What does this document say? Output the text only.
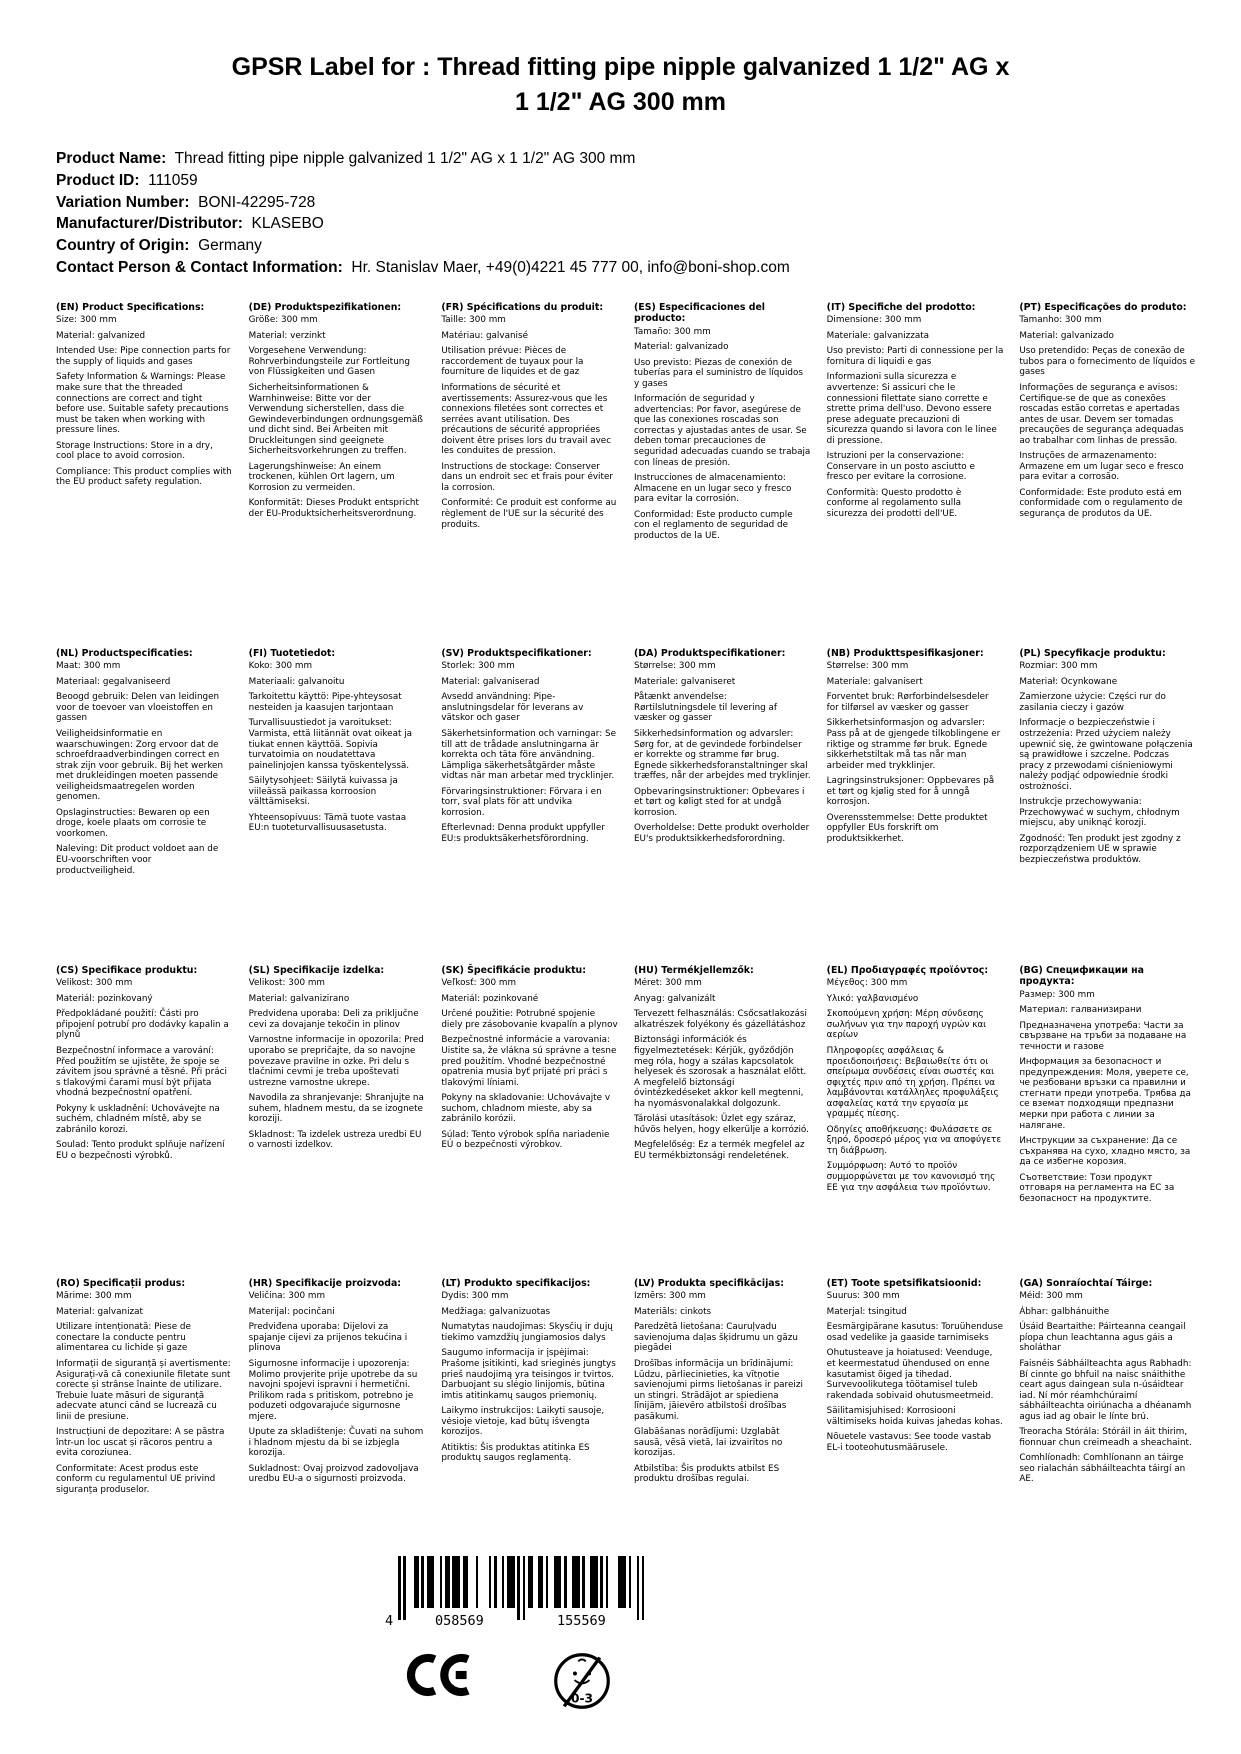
GPSR Label for : Thread fitting pipe nipple galvanized 1 1/2" AG x
1 1/2" AG 300 mm
Product Name: Thread fitting pipe nipple galvanized 1 1/2" AG x 1 1/2" AG 300 mm
Product ID: 111059
Variation Number: BONI-42295-728
Manufacturer/Distributor: KLASEBO
Country of Origin: Germany
Contact Person & Contact Information: Hr. Stanislav Maer, +49(0)4221 45 777 00, info@boni-shop.com
(EN) Product Specifications:

Size: 300 mm

Material: galvanized

Intended Use: Pipe connection parts for the supply of liquids and gases

Safety Information & Warnings: Please make sure that the threaded connections are correct and tight before use. Suitable safety precautions must be taken when working with pressure lines.

Storage Instructions: Store in a dry, cool place to avoid corrosion.

Compliance: This product complies with the EU product safety regulation.

(DE) Produktspezifikationen:

Größe: 300 mm

Material: verzinkt

Vorgesehene Verwendung: Rohrverbindungsteile zur Fortleitung von Flüssigkeiten und Gasen

Sicherheitsinformationen & Warnhinweise: Bitte vor der Verwendung sicherstellen, dass die Gewindeverbindungen ordnungsgemäß und dicht sind. Bei Arbeiten mit Druckleitungen sind geeignete Sicherheitsvorkehrungen zu treffen.

Lagerungshinweise: An einem trockenen, kühlen Ort lagern, um Korrosion zu vermeiden.

Konformität: Dieses Produkt entspricht der EU-Produktsicherheitsverordnung.

(FR) Spécifications du produit:

Taille: 300 mm

Matériau: galvanisé

Utilisation prévue: Pièces de raccordement de tuyaux pour la fourniture de liquides et de gaz

Informations de sécurité et avertissements: Assurez-vous que les connexions filetées sont correctes et serrées avant utilisation. Des précautions de sécurité appropriées doivent être prises lors du travail avec les conduites de pression.

Instructions de stockage: Conserver dans un endroit sec et frais pour éviter la corrosion.

Conformité: Ce produit est conforme au règlement de l'UE sur la sécurité des produits.

(ES) Especificaciones del producto:

Tamaño: 300 mm

Material: galvanizado

Uso previsto: Piezas de conexión de tuberías para el suministro de líquidos y gases

Información de seguridad y advertencias: Por favor, asegúrese de que las conexiones roscadas son correctas y ajustadas antes de usar. Se deben tomar precauciones de seguridad adecuadas cuando se trabaja con líneas de presión.

Instrucciones de almacenamiento: Almacene en un lugar seco y fresco para evitar la corrosión.

Conformidad: Este producto cumple con el reglamento de seguridad de productos de la UE.

(IT) Specifiche del prodotto:

Dimensione: 300 mm

Materiale: galvanizzata

Uso previsto: Parti di connessione per la fornitura di liquidi e gas

Informazioni sulla sicurezza e avvertenze: Si assicuri che le connessioni filettate siano corrette e strette prima dell'uso. Devono essere prese adeguate precauzioni di sicurezza quando si lavora con le linee di pressione.

Istruzioni per la conservazione: Conservare in un posto asciutto e fresco per evitare la corrosione.

Conformità: Questo prodotto è conforme al regolamento sulla sicurezza dei prodotti dell'UE.

(PT) Especificações do produto:

Tamanho: 300 mm

Material: galvanizado

Uso pretendido: Peças de conexão de tubos para o fornecimento de líquidos e gases

Informações de segurança e avisos: Certifique-se de que as conexões roscadas estão corretas e apertadas antes de usar. Devem ser tomadas precauções de segurança adequadas ao trabalhar com linhas de pressão.

Instruções de armazenamento: Armazene em um lugar seco e fresco para evitar a corrosão.

Conformidade: Este produto está em conformidade com o regulamento de segurança de produtos da UE.

(NL) Productspecificaties:

Maat: 300 mm

Materiaal: gegalvaniseerd

Beoogd gebruik: Delen van leidingen voor de toevoer van vloeistoffen en gassen

Veiligheidsinformatie en waarschuwingen: Zorg ervoor dat de schroefdraadverbindingen correct en strak zijn voor gebruik. Bij het werken met drukleidingen moeten passende veiligheidsmaatregelen worden genomen.

Opslaginstructies: Bewaren op een droge, koele plaats om corrosie te voorkomen.

Naleving: Dit product voldoet aan de EU-voorschriften voor productveiligheid.

(FI) Tuotetiedot:

Koko: 300 mm

Materiaali: galvanoitu

Tarkoitettu käyttö: Pipe-yhteysosat nesteiden ja kaasujen tarjontaan

Turvallisuustiedot ja varoitukset: Varmista, että liitännät ovat oikeat ja tiukat ennen käyttöä. Sopivia turvatoimia on noudatettava painelinjojen kanssa työskentelyssä.

Säilytysohjeet: Säilytä kuivassa ja viileässä paikassa korroosion välttämiseksi.

Yhteensopivuus: Tämä tuote vastaa EU:n tuoteturvallisuusasetusta.

(SV) Produktspecifikationer:

Storlek: 300 mm

Material: galvaniserad

Avsedd användning: Pipe-anslutningsdelar för leverans av vätskor och gaser

Säkerhetsinformation och varningar: Se till att de trådade anslutningarna är korrekta och täta före användning. Lämpliga säkerhetsåtgärder måste vidtas när man arbetar med trycklinjer.

Förvaringsinstruktioner: Förvara i en torr, sval plats för att undvika korrosion.

Efterlevnad: Denna produkt uppfyller EU:s produktsäkerhetsförordning.

(DA) Produktspecifikationer:

Størrelse: 300 mm

Materiale: galvaniseret

Påtænkt anvendelse: Rørtilslutningsdele til levering af væsker og gasser

Sikkerhedsinformation og advarsler: Sørg for, at de gevindede forbindelser er korrekte og stramme før brug. Egnede sikkerhedsforanstaltninger skal træffes, når der arbejdes med tryklinjer.

Opbevaringsinstruktioner: Opbevares i et tørt og køligt sted for at undgå korrosion.

Overholdelse: Dette produkt overholder EU's produktsikkerhedsforordning.

(NB) Produkttspesifikasjoner:

Størrelse: 300 mm

Materiale: galvanisert

Forventet bruk: Rørforbindelsesdeler for tilførsel av væsker og gasser

Sikkerhetsinformasjon og advarsler: Pass på at de gjengede tilkoblingene er riktige og stramme før bruk. Egnede sikkerhetstiltak må tas når man arbeider med trykklinjer.

Lagringsinstruksjoner: Oppbevares på et tørt og kjølig sted for å unngå korrosjon.

Overensstemmelse: Dette produktet oppfyller EUs forskrift om produktsikkerhet.

(PL) Specyfikacje produktu:

Rozmiar: 300 mm

Materiał: Ocynkowane

Zamierzone użycie: Części rur do zasilania cieczy i gazów

Informacje o bezpieczeństwie i ostrzeżenia: Przed użyciem należy upewnić się, że gwintowane połączenia są prawidłowe i szczelne. Podczas pracy z przewodami ciśnieniowymi należy podjąć odpowiednie środki ostrożności.

Instrukcje przechowywania: Przechowywać w suchym, chłodnym miejscu, aby uniknąć korozji.

Zgodność: Ten produkt jest zgodny z rozporządzeniem UE w sprawie bezpieczeństwa produktów.

(CS) Specifikace produktu:

Velikost: 300 mm

Materiál: pozinkovaný

Předpokládané použití: Části pro připojení potrubí pro dodávky kapalin a plynů

Bezpečnostní informace a varování: Před použitím se ujistěte, že spoje se závitem jsou správné a těsné. Při práci s tlakovými čarami musí být přijata vhodná bezpečnostní opatření.

Pokyny k uskladnění: Uchovávejte na suchém, chladném místě, aby se zabránilo korozi.

Soulad: Tento produkt splňuje nařízení EU o bezpečnosti výrobků.

(SL) Specifikacije izdelka:

Velikost: 300 mm

Material: galvanizirano

Predvidena uporaba: Deli za priključne cevi za dovajanje tekočin in plinov

Varnostne informacije in opozorila: Pred uporabo se prepričajte, da so navojne povezave pravilne in ozke. Pri delu s tlačnimi cevmi je treba upoštevati ustrezne varnostne ukrepe.

Navodila za shranjevanje: Shranjujte na suhem, hladnem mestu, da se izognete koroziji.

Skladnost: Ta izdelek ustreza uredbi EU o varnosti izdelkov.

(SK) Špecifikácie produktu:

Veľkosť: 300 mm

Materiál: pozinkované

Určené použitie: Potrubné spojenie diely pre zásobovanie kvapalín a plynov

Bezpečnostné informácie a varovania: Uistite sa, že vlákna sú správne a tesne pred použitím. Vhodné bezpečnostné opatrenia musia byť prijaté pri práci s tlakovými líniami.

Pokyny na skladovanie: Uchovávajte v suchom, chladnom mieste, aby sa zabránilo korózii.

Súlad: Tento výrobok spĺňa nariadenie EÚ o bezpečnosti výrobkov.

(HU) Termékjellemzők:

Méret: 300 mm

Anyag: galvanizált

Tervezett felhasználás: Csőcsatlakozási alkatrészek folyékony és gázellátáshoz

Biztonsági információk és figyelmeztetések: Kérjük, győződjön meg róla, hogy a szálas kapcsolatok helyesek és szorosak a használat előtt. A megfelelő biztonsági óvintézkedéseket akkor kell megtenni, ha nyomásvonalakkal dolgozunk.

Tárolási utasítások: Üzlet egy száraz, hűvös helyen, hogy elkerülje a korrózió.

Megfelelőség: Ez a termék megfelel az EU termékbiztonsági rendeletének.

(EL) Προδιαγραφές προϊόντος:

Μέγεθος: 300 mm

Υλικό: γαλβανισμένο

Σκοπούμενη χρήση: Μέρη σύνδεσης σωλήνων για την παροχή υγρών και αερίων

Πληροφορίες ασφάλειας & προειδοποιήσεις: Βεβαιωθείτε ότι οι σπείρωμα συνδέσεις είναι σωστές και σφιχτές πριν από τη χρήση. Πρέπει να λαμβάνονται κατάλληλες προφυλάξεις ασφαλείας κατά την εργασία με γραμμές πίεσης.

Οδηγίες αποθήκευσης: Φυλάσσετε σε ξηρό, δροσερό μέρος για να αποφύγετε τη διάβρωση.

Συμμόρφωση: Αυτό το προϊόν συμμορφώνεται με τον κανονισμό της ΕΕ για την ασφάλεια των προϊόντων.

(BG) Спецификации на продукта:

Размер: 300 mm

Материал: галванизирани

Предназначена употреба: Части за свързване на тръби за подаване на течности и газове

Информация за безопасност и предупреждения: Моля, уверете се, че резбовани връзки са правилни и стегнати преди употреба. Трябва да се вземат подходящи предпазни мерки при работа с линии за налягане.

Инструкции за съхранение: Да се съхранява на сухо, хладно място, за да се избегне корозия.

Съответствие: Този продукт отговаря на регламента на ЕС за безопасност на продуктите.

(RO) Specificații produs:

Mărime: 300 mm

Material: galvanizat

Utilizare intenționată: Piese de conectare la conducte pentru alimentarea cu lichide și gaze

Informații de siguranță și avertismente: Asigurați-vă că conexiunile filetate sunt corecte și strânse înainte de utilizare. Trebuie luate măsuri de siguranță adecvate atunci când se lucrează cu linii de presiune.

Instrucțiuni de depozitare: A se păstra într-un loc uscat și răcoros pentru a evita coroziunea.

Conformitate: Acest produs este conform cu regulamentul UE privind siguranța produselor.

(HR) Specifikacije proizvoda:

Veličina: 300 mm

Materijal: pocinčani

Predviđena uporaba: Dijelovi za spajanje cijevi za prijenos tekućina i plinova

Sigurnosne informacije i upozorenja: Molimo provjerite prije upotrebe da su navojni spojevi ispravni i hermetični. Prilikom rada s pritiskom, potrebno je poduzeti odgovarajuće sigurnosne mjere.

Upute za skladištenje: Čuvati na suhom i hladnom mjestu da bi se izbjegla korozija.

Sukladnost: Ovaj proizvod zadovoljava uredbu EU-a o sigurnosti proizvoda.

(LT) Produkto specifikacijos:

Dydis: 300 mm

Medžiaga: galvanizuotas

Numatytas naudojimas: Skysčių ir dujų tiekimo vamzdžių jungiamosios dalys

Saugumo informacija ir įspėjimai: Prašome įsitikinti, kad srieginės jungtys prieš naudojimą yra teisingos ir tvirtos. Darbuojant su slėgio linijomis, būtina imtis atitinkamų saugos priemonių.

Laikymo instrukcijos: Laikyti sausoje, vėsioje vietoje, kad būtų išvengta korozijos.

Atitiktis: Šis produktas atitinka ES produktų saugos reglamentą.

(LV) Produkta specifikācijas:

Izmērs: 300 mm

Materiāls: cinkots

Paredzētā lietošana: Cauruļvadu savienojuma daļas šķidrumu un gāzu piegādei

Drošības informācija un brīdinājumi: Lūdzu, pārliecinieties, ka vītņotie savienojumi pirms lietošanas ir pareizi un stingri. Strādājot ar spiediena līnijām, jāievēro atbilstoši drošības pasākumi.

Glabāšanas norādījumi: Uzglabāt sausā, vēsā vietā, lai izvairītos no korozijas.

Atbilstība: Šis produkts atbilst ES produktu drošības regulai.

(ET) Toote spetsifikatsioonid:

Suurus: 300 mm

Materjal: tsingitud

Eesmärgipärane kasutus: Toruühenduse osad vedelike ja gaaside tarnimiseks

Ohutusteave ja hoiatused: Veenduge, et keermestatud ühendused on enne kasutamist õiged ja tihedad. Survevoolikutega töötamisel tuleb rakendada sobivaid ohutusmeetmeid.

Säilitamisjuhised: Korrosiooni vältimiseks hoida kuivas jahedas kohas.

Nõuetele vastavus: See toode vastab EL-i tooteohutusmäärusele.

(GA) Sonraíochtaí Táirge:

Méid: 300 mm

Ábhar: galbhánuithe

Úsáid Beartaithe: Páirteanna ceangail píopa chun leachtanna agus gáis a sholáthar

Faisnéis Sábháilteachta agus Rabhadh: Bí cinnte go bhfuil na naisc snáithithe ceart agus daingean sula n-úsáidtear iad. Ní mór réamhchúraimí sábháilteachta oiriúnacha a dhéanamh agus iad ag obair le línte brú.

Treoracha Stórála: Stóráil in áit thirim, fionnuar chun creimeadh a sheachaint.

Comhlíonadh: Comhlíonann an táirge seo rialachán sábháilteachta táirgí an AE.

4	058569	155569
0-3
